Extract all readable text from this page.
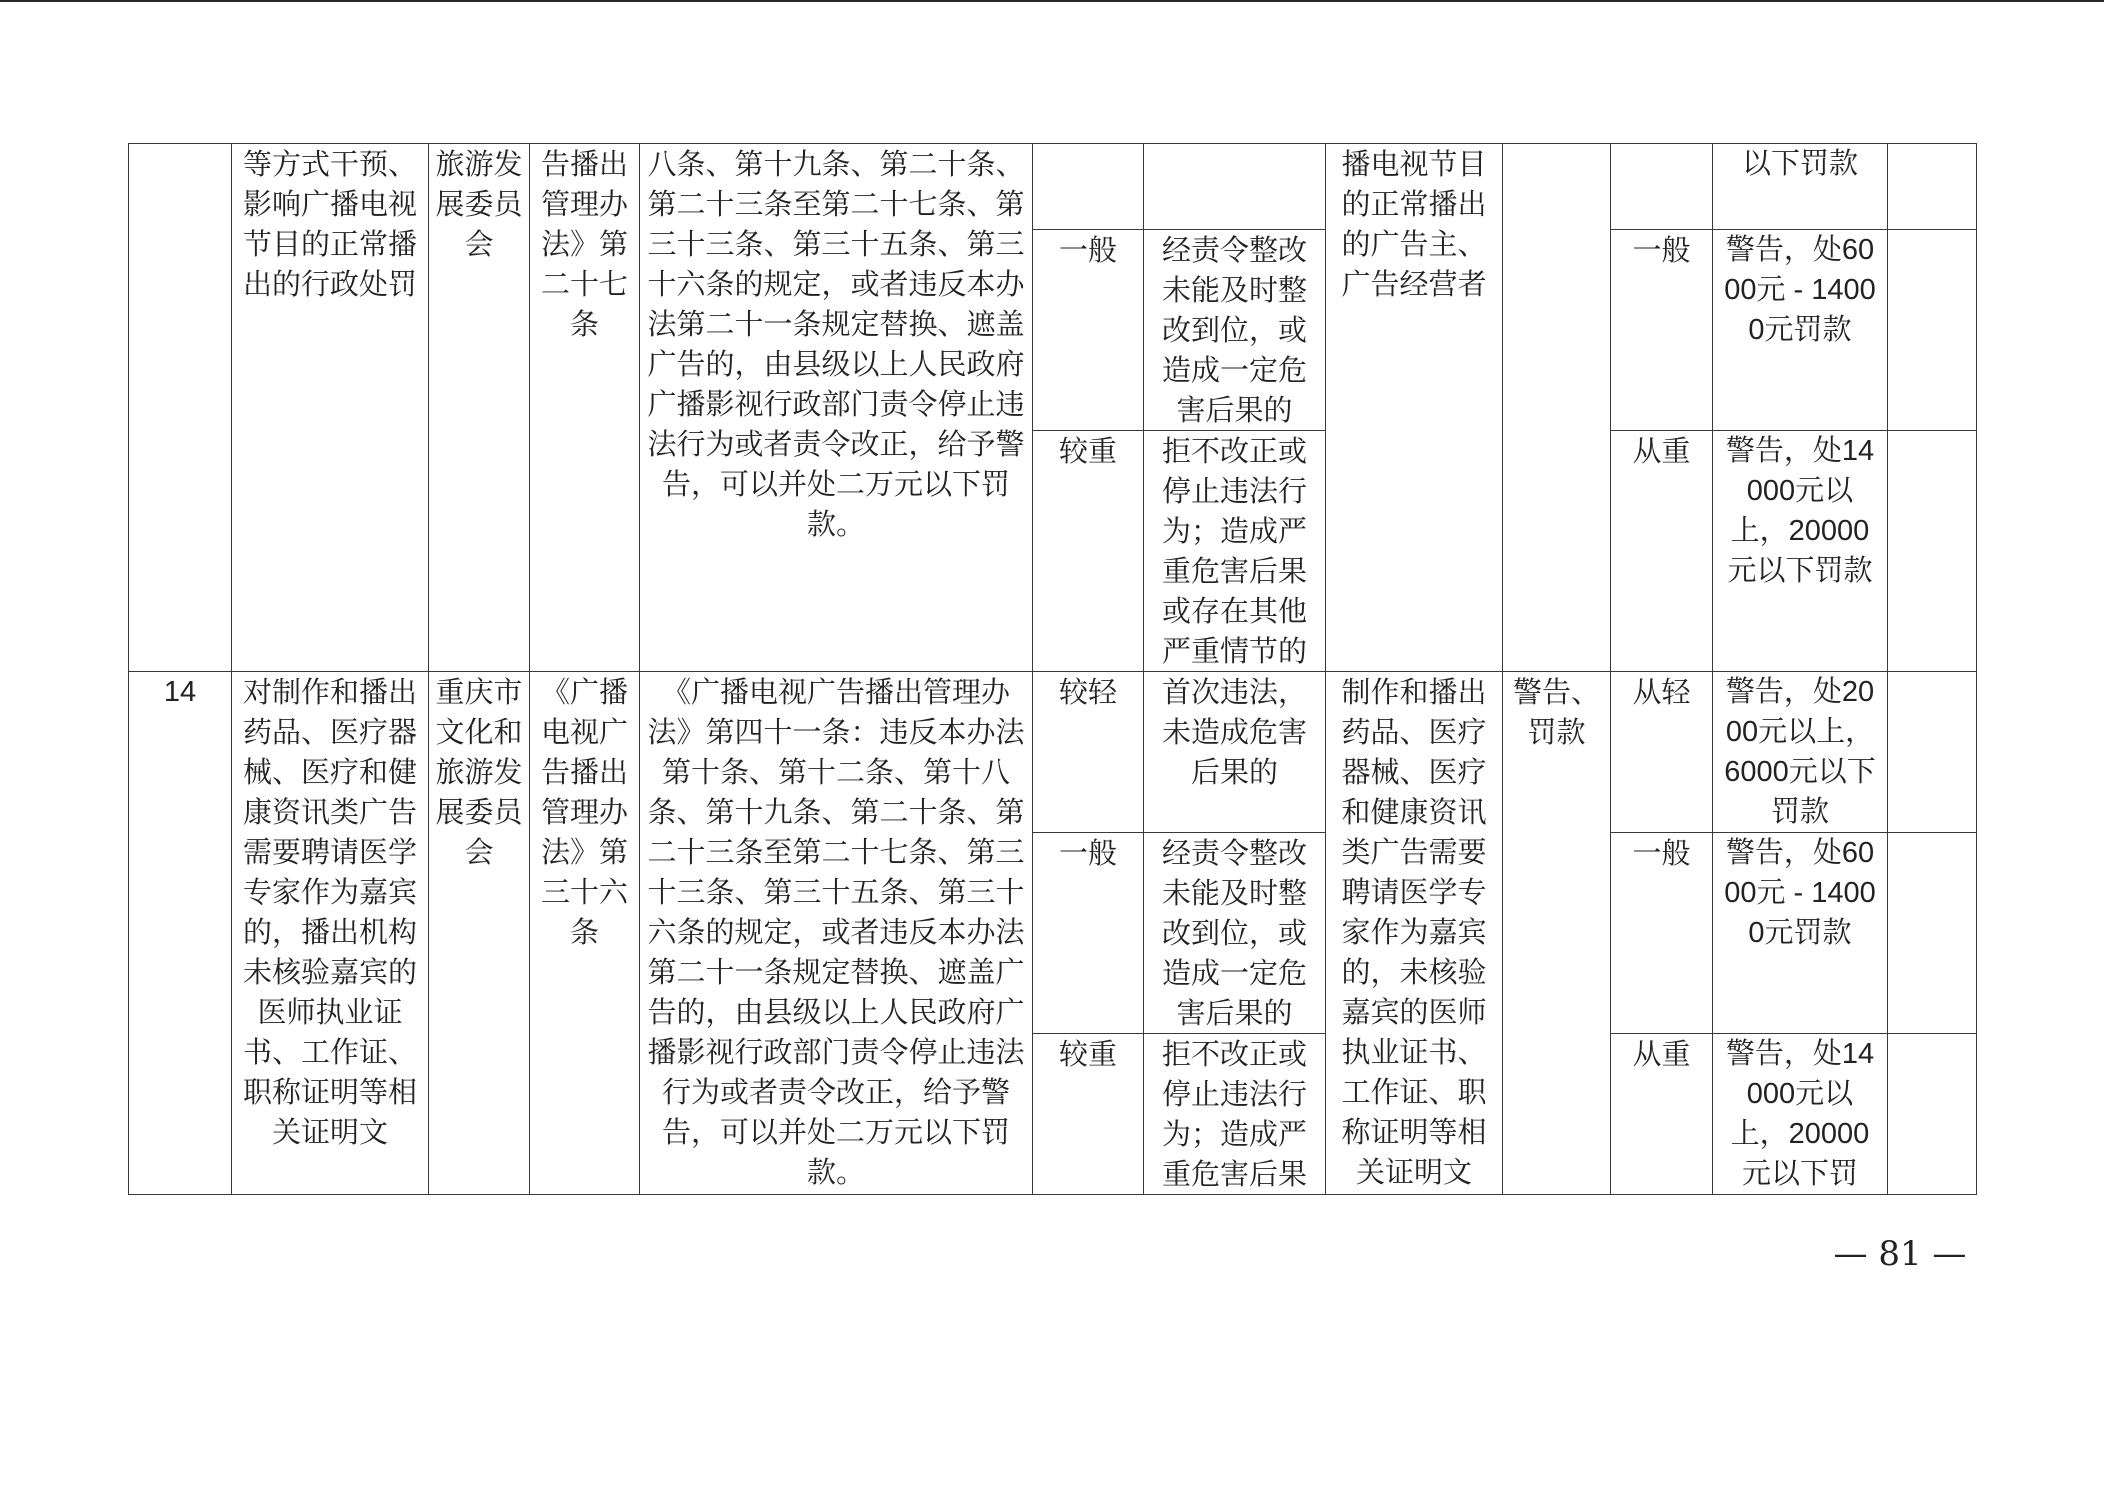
	等方式干预、影响广播电视节目的正常播出的行政处罚	旅游发展委员会	告播出管理办法》第二十七条	八条、第十九条、第二十条、第二十三条至第二十七条、第三十三条、第三十五条、第三十六条的规定，或者违反本办法第二十一条规定替换、遮盖广告的，由县级以上人民政府广播影视行政部门责令停止违法行为或者责令改正，给予警告，可以并处二万元以下罚款。			播电视节目的正常播出的广告主、广告经营者			以下罚款	
					一般	经责令整改未能及时整改到位，或造成一定危害后果的			一般	警告，处6000元 - 14000元罚款	
					较重	拒不改正或停止违法行为；造成严重危害后果或存在其他严重情节的			从重	警告，处14000元以上，20000元以下罚款	
14	对制作和播出药品、医疗器械、医疗和健康资讯类广告需要聘请医学专家作为嘉宾的，播出机构未核验嘉宾的医师执业证书、工作证、职称证明等相关证明文	重庆市文化和旅游发展委员会	《广播电视广告播出管理办法》第三十六条	《广播电视广告播出管理办法》第四十一条：违反本办法第十条、第十二条、第十八条、第十九条、第二十条、第二十三条至第二十七条、第三十三条、第三十五条、第三十六条的规定，或者违反本办法第二十一条规定替换、遮盖广告的，由县级以上人民政府广播影视行政部门责令停止违法行为或者责令改正，给予警告，可以并处二万元以下罚款。	较轻	首次违法，未造成危害后果的	制作和播出药品、医疗器械、医疗和健康资讯类广告需要聘请医学专家作为嘉宾的，未核验嘉宾的医师执业证书、工作证、职称证明等相关证明文	警告、罚款	从轻	警告，处2000元以上，6000元以下罚款	
					一般	经责令整改未能及时整改到位，或造成一定危害后果的			一般	警告，处6000元 - 14000元罚款	
					较重	拒不改正或停止违法行为；造成严重危害后果			从重	警告，处14000元以上，20000元以下罚	
— 81 —
